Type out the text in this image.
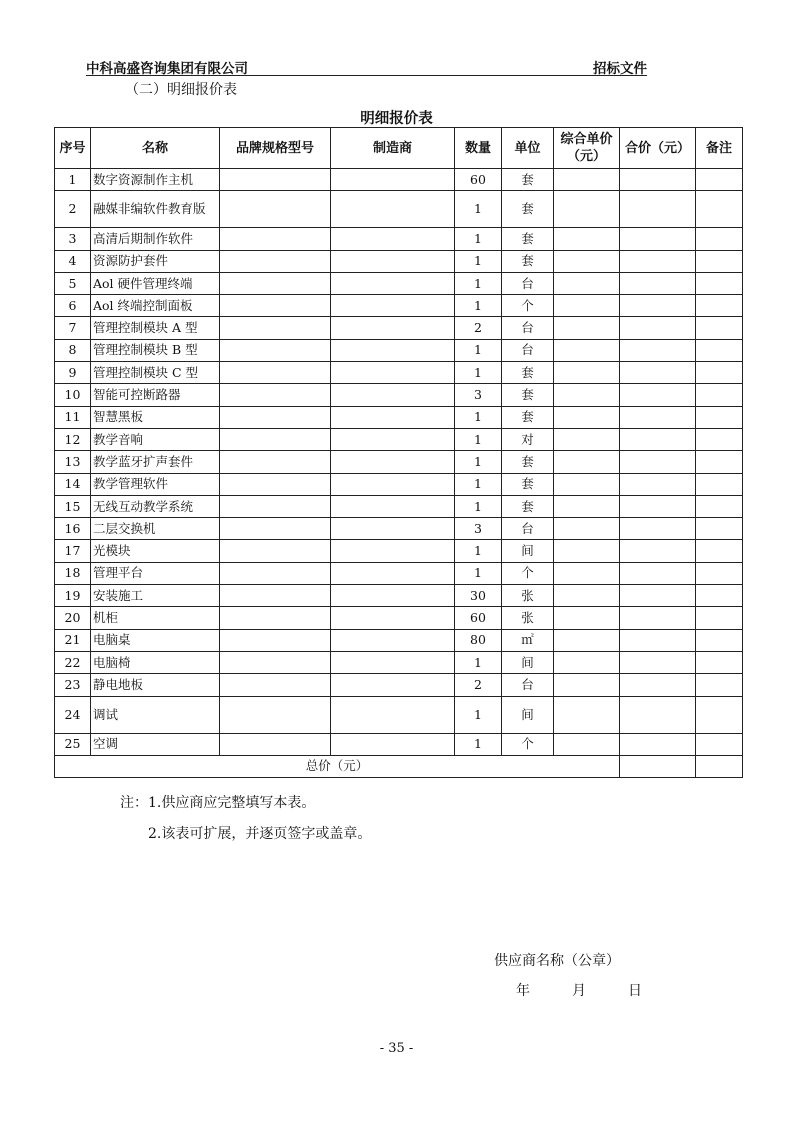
中科高盛咨询集团有限公司	招标文件
（二）明细报价表
明细报价表
序号	名称	品牌规格型号	制造商	数量	单位	综合单价（元）	合价（元）	备注
1	数字资源制作主机			60	套			
2	融媒非编软件教育版			1	套			
3	高清后期制作软件			1	套			
4	资源防护套件			1	套			
5	Aol 硬件管理终端			1	台			
6	Aol 终端控制面板			1	个			
7	管理控制模块 A 型			2	台			
8	管理控制模块 B 型			1	台			
9	管理控制模块 C 型			1	套			
10	智能可控断路器			3	套			
11	智慧黑板			1	套			
12	教学音响			1	对			
13	教学蓝牙扩声套件			1	套			
14	教学管理软件			1	套			
15	无线互动教学系统			1	套			
16	二层交换机			3	台			
17	光模块			1	间			
18	管理平台			1	个			
19	安装施工			30	张			
20	机柜			60	张			
21	电脑桌			80	㎡			
22	电脑椅			1	间			
23	静电地板			2	台			
24	调试			1	间			
25	空调			1	个			
总价（元）								
注：1.供应商应完整填写本表。
2.该表可扩展，并逐页签字或盖章。
供应商名称（公章）
年	月	日
- 35 -
